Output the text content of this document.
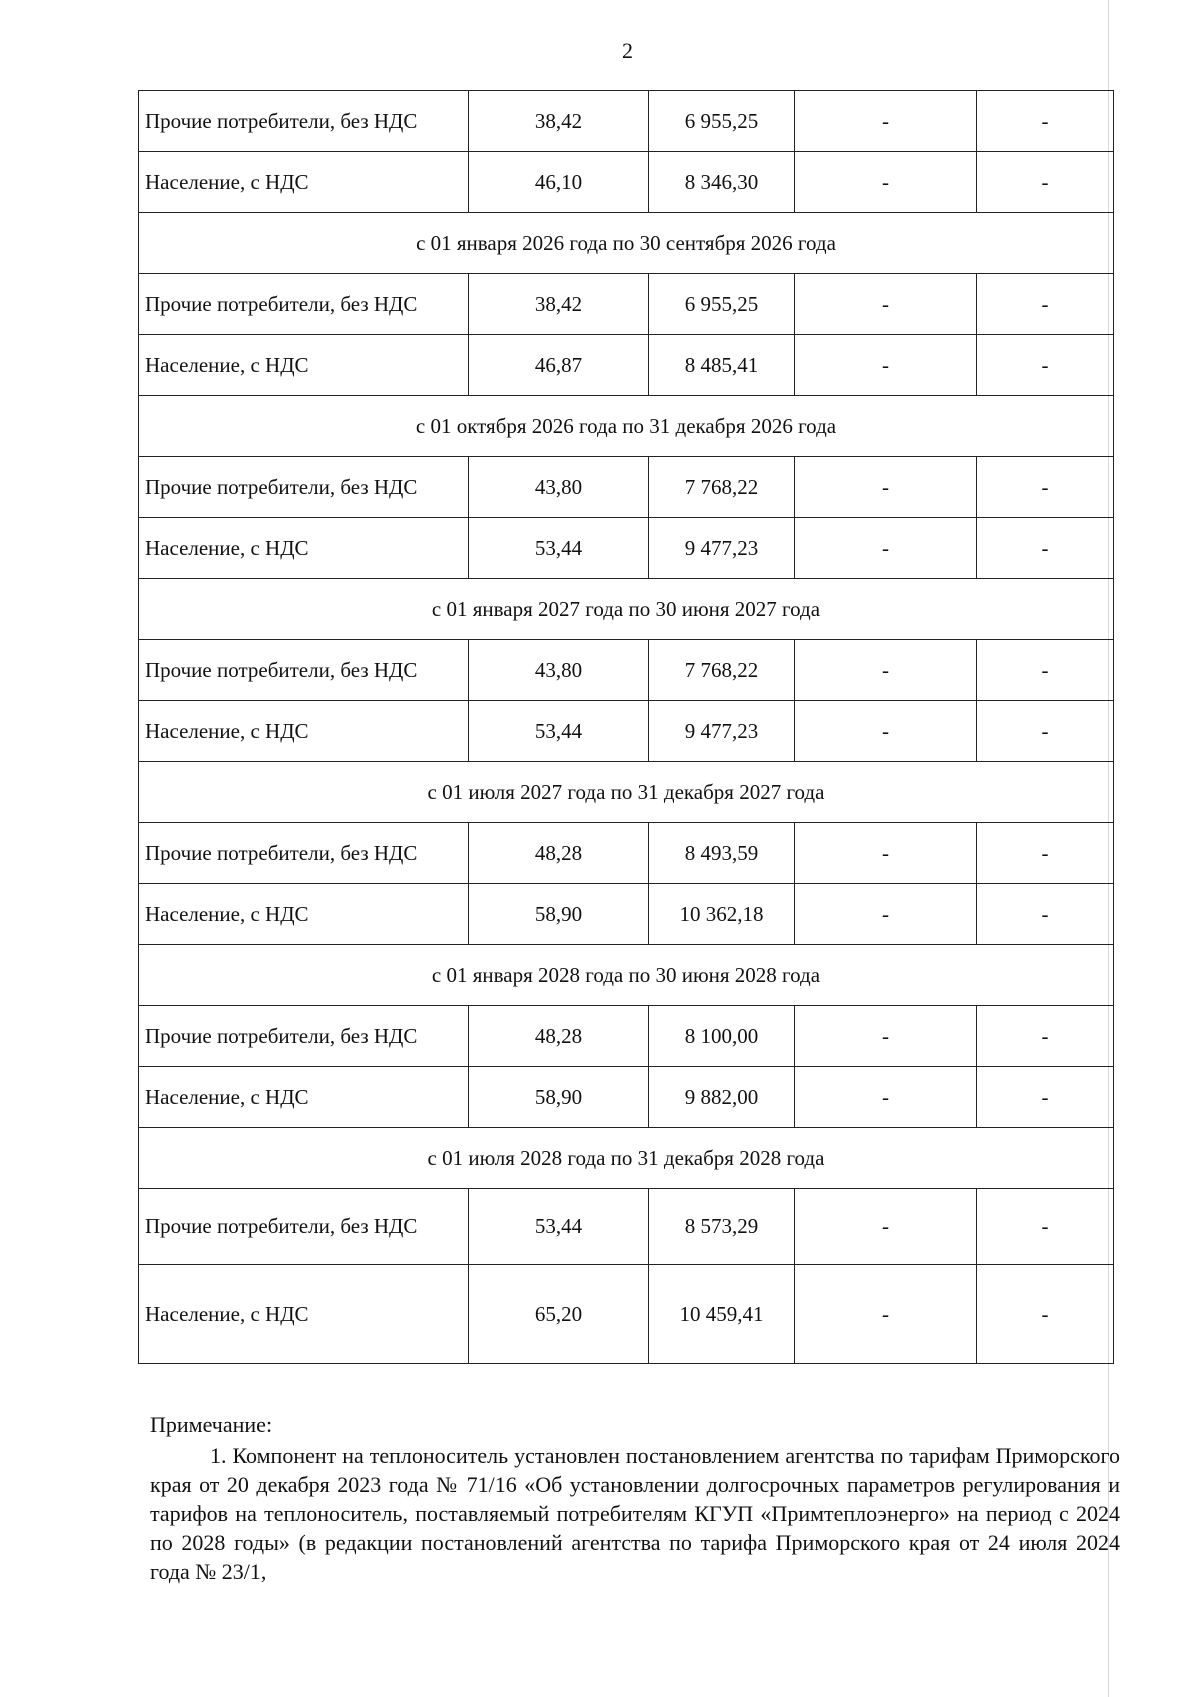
2
Прочие потребители, без НДС	38,42	6 955,25	-	-
Население, с НДС	46,10	8 346,30	-	-
с 01 января 2026 года по 30 сентября 2026 года				
Прочие потребители, без НДС	38,42	6 955,25	-	-
Население, с НДС	46,87	8 485,41	-	-
с 01 октября 2026 года по 31 декабря 2026 года				
Прочие потребители, без НДС	43,80	7 768,22	-	-
Население, с НДС	53,44	9 477,23	-	-
с 01 января 2027 года по 30 июня 2027 года				
Прочие потребители, без НДС	43,80	7 768,22	-	-
Население, с НДС	53,44	9 477,23	-	-
с 01 июля 2027 года по 31 декабря 2027 года				
Прочие потребители, без НДС	48,28	8 493,59	-	-
Население, с НДС	58,90	10 362,18	-	-
с 01 января 2028 года по 30 июня 2028 года				
Прочие потребители, без НДС	48,28	8 100,00	-	-
Население, с НДС	58,90	9 882,00	-	-
с 01 июля 2028 года по 31 декабря 2028 года				
Прочие потребители, без НДС	53,44	8 573,29	-	-
Население, с НДС	65,20	10 459,41	-	-

Примечание:

1. Компонент на теплоноситель установлен постановлением агентства по тарифам Приморского края от 20 декабря 2023 года № 71/16 «Об установлении долгосрочных параметров регулирования и тарифов на теплоноситель, поставляемый потребителям КГУП «Примтеплоэнерго» на период с 2024 по 2028 годы» (в редакции постановлений агентства по тарифа Приморского края от 24 июля 2024 года № 23/1,
